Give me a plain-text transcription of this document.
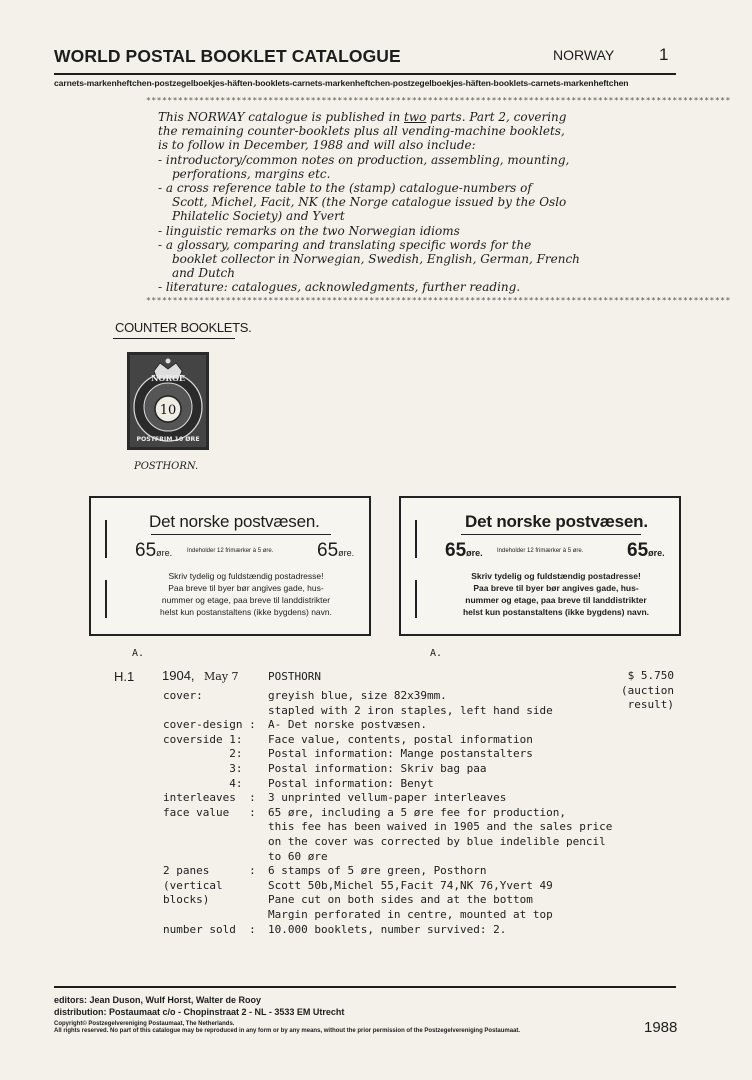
WORLD POSTAL BOOKLET CATALOGUE	NORWAY	1
carnets-markenheftchen-postzegelboekjes-häften-booklets-carnets-markenheftchen-postzegelboekjes-häften-booklets-carnets-markenheftchen
**************************************************************************************************************

This NORWAY catalogue is published in two parts. Part 2, covering

the remaining counter-booklets plus all vending-machine booklets,

is to follow in December, 1988 and will also include:

- introductory/common notes on production, assembling, mounting,

perforations, margins etc.

- a cross reference table to the (stamp) catalogue-numbers of

Scott, Michel, Facit, NK (the Norge catalogue issued by the Oslo

Philatelic Society) and Yvert

- linguistic remarks on the two Norwegian idioms

- a glossary, comparing and translating specific words for the

booklet collector in Norwegian, Swedish, English, German, French

and Dutch

- literature: catalogues, acknowledgments, further reading.

**************************************************************************************************************
COUNTER BOOKLETS.
NORGE
10
POSTFRIM 10 ØRE
POSTHORN.
Det norske postvæsen.
65øre. Indeholder 12 frimærker à 5 øre. 65øre.
Skriv tydelig og fuldstændig postadresse!
Paa breve til byer bør angives gade, hus-
nummer og etage, paa breve til landdistrikter
helst kun postanstaltens (ikke bygdens) navn.
Det norske postvæsen.
65øre. Indeholder 12 frimærker à 5 øre. 65øre.
Skriv tydelig og fuldstændig postadresse!
Paa breve til byer bør angives gade, hus-
nummer og etage, paa breve til landdistrikter
helst kun postanstaltens (ikke bygdens) navn.
A.	A.
H.1 1904, May 7	POSTHORN	$ 5.750
(auction
result)
cover:	greyish blue, size 82x39mm.
stapled with 2 iron staples, left hand side
cover-design :	A- Det norske postvæsen.
coverside 1:	Face value, contents, postal information
2:	Postal information: Mange postanstalters
3:	Postal information: Skriv bag paa
4:	Postal information: Benyt
interleaves  :	3 unprinted vellum-paper interleaves
face value   :	65 øre, including a 5 øre fee for production,
this fee has been waived in 1905 and the sales price
on the cover was corrected by blue indelible pencil
to 60 øre
2 panes      :	6 stamps of 5 øre green, Posthorn
(vertical	Scott 50b,Michel 55,Facit 74,NK 76,Yvert 49
blocks)	Pane cut on both sides and at the bottom
Margin perforated in centre, mounted at top
number sold  :	10.000 booklets, number survived: 2.
editors: Jean Duson, Wulf Horst, Walter de Rooy
distribution: Postaumaat c/o - Chopinstraat 2 - NL - 3533 EM Utrecht
Copyright© Postzegelvereniging Postaumaat, The Netherlands.
All rights reserved. No part of this catalogue may be reproduced in any form or by any means, without the prior permission of the Postzegelvereniging Postaumaat.	1988
